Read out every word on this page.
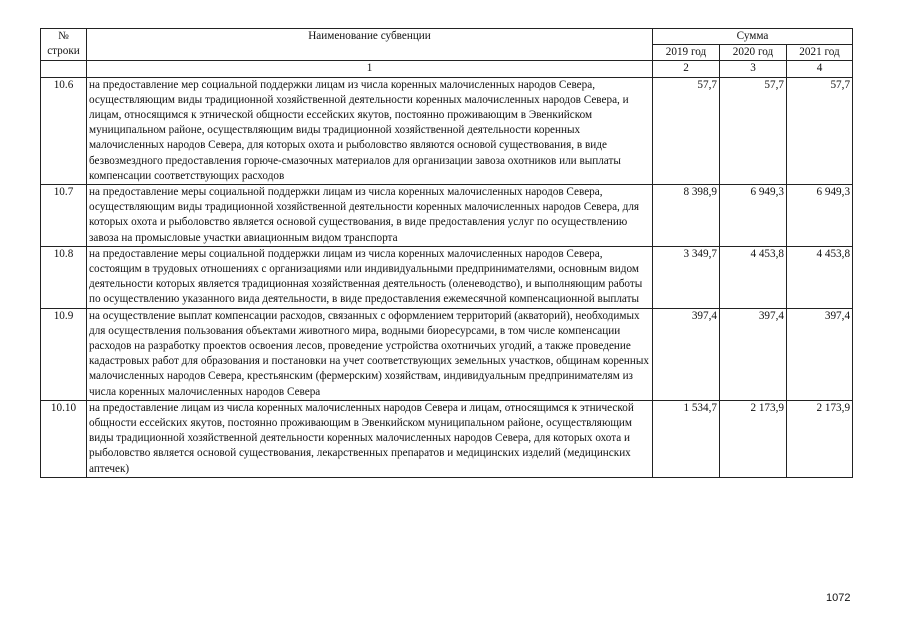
№
строки	Наименование субвенции	Сумма		
		2019 год	2020 год	2021 год
	1	2	3	4
10.6	на предоставление мер социальной поддержки лицам из числа коренных малочисленных народов Севера, осуществляющим виды традиционной хозяйственной деятельности коренных малочисленных народов Севера, и лицам, относящимся к этнической общности ессейских якутов, постоянно проживающим в Эвенкийском муниципальном районе, осуществляющим виды традиционной хозяйственной деятельности коренных малочисленных народов Севера, для которых охота и рыболовство являются основой существования, в виде безвозмездного предоставления горюче-смазочных материалов для организации завоза охотников или выплаты компенсации соответствующих расходов	57,7	57,7	57,7
10.7	на предоставление меры социальной поддержки лицам из числа коренных малочисленных народов Севера, осуществляющим виды традиционной хозяйственной деятельности коренных малочисленных народов Севера, для которых охота и рыболовство является основой существования, в виде предоставления услуг по осуществлению завоза на промысловые участки авиационным видом транспорта	8 398,9	6 949,3	6 949,3
10.8	на предоставление меры социальной поддержки лицам из числа коренных малочисленных народов Севера, состоящим в трудовых отношениях с организациями или индивидуальными предпринимателями, основным видом деятельности которых является традиционная хозяйственная деятельность (оленеводство), и выполняющим работы по осуществлению указанного вида деятельности, в виде предоставления ежемесячной компенсационной выплаты	3 349,7	4 453,8	4 453,8
10.9	на осуществление выплат компенсации расходов, связанных с оформлением территорий (акваторий), необходимых для осуществления пользования объектами животного мира, водными биоресурсами, в том числе компенсации расходов на разработку проектов освоения лесов, проведение устройства охотничьих угодий, а также проведение кадастровых работ для образования и постановки на учет соответствующих земельных участков, общинам коренных малочисленных народов Севера, крестьянским (фермерским) хозяйствам, индивидуальным предпринимателям из числа коренных малочисленных народов Севера	397,4	397,4	397,4
10.10	на предоставление лицам из числа коренных малочисленных народов Севера и лицам, относящимся к этнической общности ессейских якутов, постоянно проживающим в Эвенкийском муниципальном районе, осуществляющим виды традиционной хозяйственной деятельности коренных малочисленных народов Севера, для которых охота и рыболовство является основой существования, лекарственных препаратов и медицинских изделий (медицинских аптечек)	1 534,7	2 173,9	2 173,9
1072
